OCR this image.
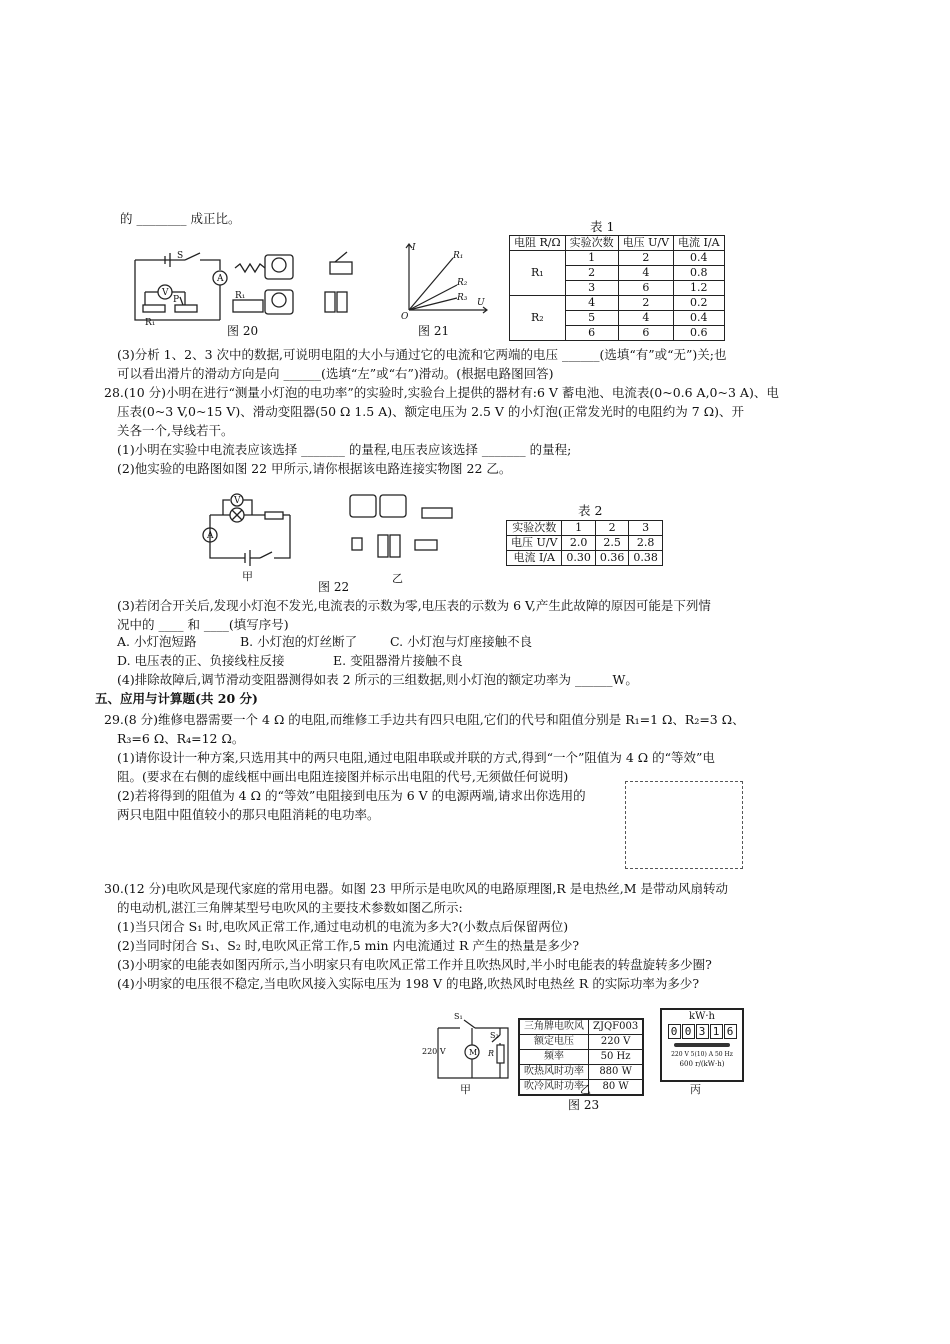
的 ________ 成正比。
S
A
V
P
R₁
R₁
图 20
I
R₁
R₂
R₃ U
O
图 21
表 1
电阻 R/Ω	实验次数	电压 U/V	电流 I/A
R₁	1	2	0.4
	2	4	0.8
	3	6	1.2
R₂	4	2	0.2
	5	4	0.4
	6	6	0.6
(3)分析 1、2、3 次中的数据,可说明电阻的大小与通过它的电流和它两端的电压 ______(选填“有”或“无”)关;也
可以看出滑片的滑动方向是向 ______(选填“左”或“右”)滑动。(根据电路图回答)
28.(10 分)小明在进行“测量小灯泡的电功率”的实验时,实验台上提供的器材有:6 V 蓄电池、电流表(0~0.6 A,0~3 A)、电
压表(0~3 V,0~15 V)、滑动变阻器(50 Ω 1.5 A)、额定电压为 2.5 V 的小灯泡(正常发光时的电阻约为 7 Ω)、开
关各一个,导线若干。
(1)小明在实验中电流表应该选择 _______ 的量程,电压表应该选择 _______ 的量程;
(2)他实验的电路图如图 22 甲所示,请你根据该电路连接实物图 22 乙。
V
A
甲	乙
图 22
表 2
实验次数	1	2	3
电压 U/V	2.0	2.5	2.8
电流 I/A	0.30	0.36	0.38
(3)若闭合开关后,发现小灯泡不发光,电流表的示数为零,电压表的示数为 6 V,产生此故障的原因可能是下列情
况中的 ____ 和 ____(填写序号)
A. 小灯泡短路	B. 小灯泡的灯丝断了	C. 小灯泡与灯座接触不良
D. 电压表的正、负接线柱反接	E. 变阻器滑片接触不良
(4)排除故障后,调节滑动变阻器测得如表 2 所示的三组数据,则小灯泡的额定功率为 ______W。
五、应用与计算题(共 20 分)
29.(8 分)维修电器需要一个 4 Ω 的电阻,而维修工手边共有四只电阻,它们的代号和阻值分别是 R₁=1 Ω、R₂=3 Ω、
R₃=6 Ω、R₄=12 Ω。
(1)请你设计一种方案,只选用其中的两只电阻,通过电阻串联或并联的方式,得到“一个”阻值为 4 Ω 的“等效”电
阻。(要求在右侧的虚线框中画出电阻连接图并标示出电阻的代号,无须做任何说明)
(2)若将得到的阻值为 4 Ω 的“等效”电阻接到电压为 6 V 的电源两端,请求出你选用的
两只电阻中阻值较小的那只电阻消耗的电功率。
30.(12 分)电吹风是现代家庭的常用电器。如图 23 甲所示是电吹风的电路原理图,R 是电热丝,M 是带动风扇转动
的电动机,湛江三角牌某型号电吹风的主要技术参数如图乙所示:
(1)当只闭合 S₁ 时,电吹风正常工作,通过电动机的电流为多大?(小数点后保留两位)
(2)当同时闭合 S₁、S₂ 时,电吹风正常工作,5 min 内电流通过 R 产生的热量是多少?
(3)小明家的电能表如图丙所示,当小明家只有电吹风正常工作并且吹热风时,半小时电能表的转盘旋转多少圈?
(4)小明家的电压很不稳定,当电吹风接入实际电压为 198 V 的电路,吹热风时电热丝 R 的实际功率为多少?
S₁
S₂
220 V	M R
甲
三角牌电吹风	ZJQF003
额定电压	220 V
频率	50 Hz
吹热风时功率	880 W
吹冷风时功率	80 W
乙
kW·h
0 0 3 1 6
220 V 5(10) A 50 Hz
600 r/(kW·h)
丙
图 23
